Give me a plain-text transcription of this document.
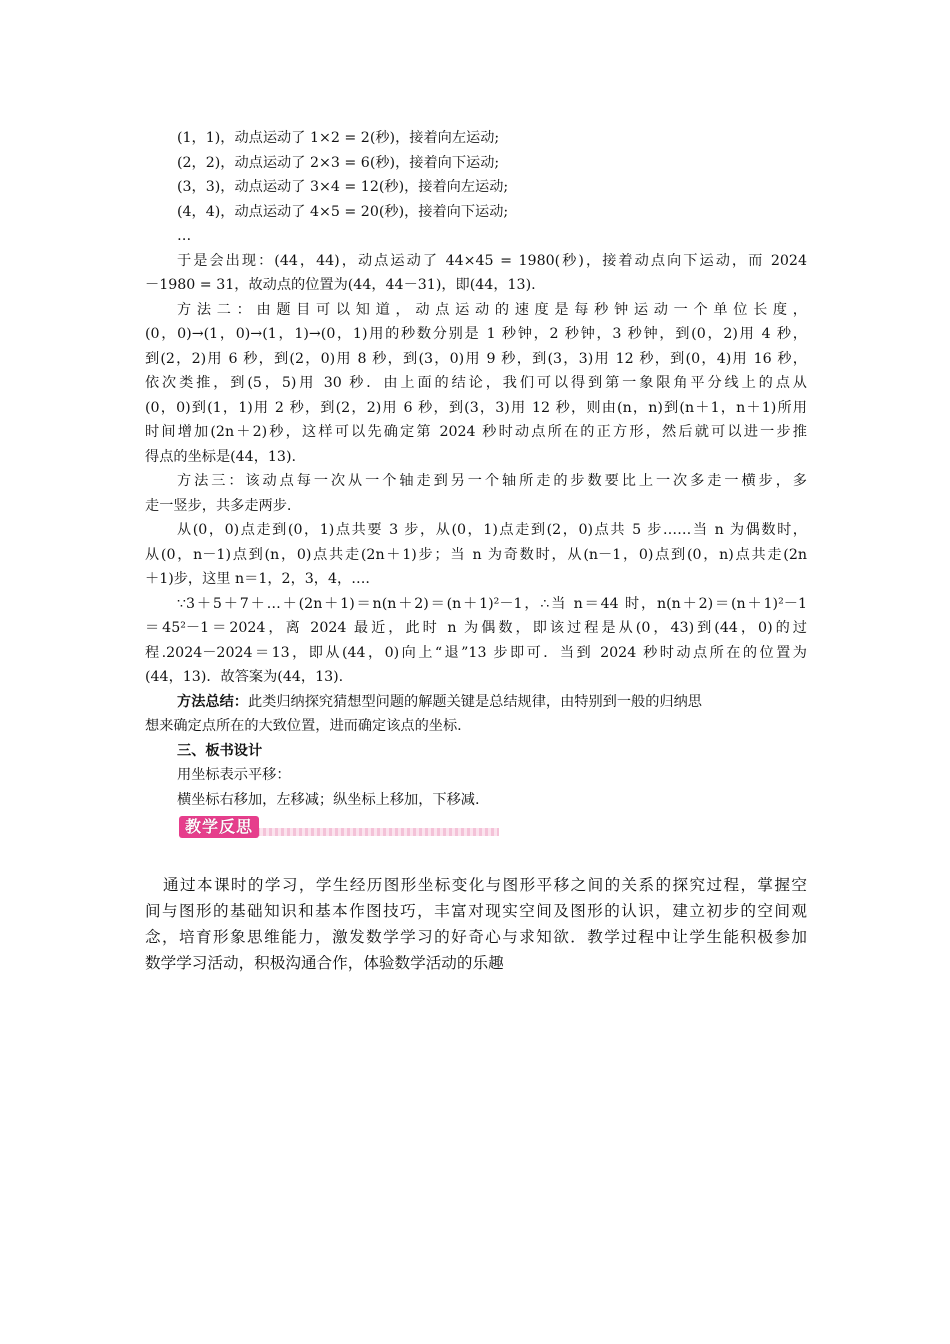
(1，1)，动点运动了 1×2 = 2(秒)，接着向左运动;
(2，2)，动点运动了 2×3 = 6(秒)，接着向下运动;
(3，3)，动点运动了 3×4 = 12(秒)，接着向左运动;
(4，4)，动点运动了 4×5 = 20(秒)，接着向下运动;
…
于是会出现：(44，44)，动点运动了 44×45 = 1980(秒)，接着动点向下运动，而 2024
－1980 = 31，故动点的位置为(44，44－31)，即(44，13).
方法二：由题目可以知道，动点运动的速度是每秒钟运动一个单位长度，
(0，0)→(1，0)→(1，1)→(0，1)用的秒数分别是 1 秒钟，2 秒钟，3 秒钟，到(0，2)用 4 秒，
到(2，2)用 6 秒，到(2，0)用 8 秒，到(3，0)用 9 秒，到(3，3)用 12 秒，到(0，4)用 16 秒，
依次类推，到(5，5)用 30 秒．由上面的结论，我们可以得到第一象限角平分线上的点从
(0，0)到(1，1)用 2 秒，到(2，2)用 6 秒，到(3，3)用 12 秒，则由(n，n)到(n＋1，n＋1)所用
时间增加(2n＋2)秒，这样可以先确定第 2024 秒时动点所在的正方形，然后就可以进一步推
得点的坐标是(44，13).
方法三：该动点每一次从一个轴走到另一个轴所走的步数要比上一次多走一横步，多
走一竖步，共多走两步.
从(0，0)点走到(0，1)点共要 3 步，从(0，1)点走到(2，0)点共 5 步……当 n 为偶数时，
从(0，n－1)点到(n，0)点共走(2n＋1)步；当 n 为奇数时，从(n－1，0)点到(0，n)点共走(2n
＋1)步，这里 n＝1，2，3，4，….
∵3＋5＋7＋…＋(2n＋1)＝n(n＋2)＝(n＋1)²－1，∴当 n＝44 时，n(n＋2)＝(n＋1)²－1
＝45²－1＝2024，离 2024 最近，此时 n 为偶数，即该过程是从(0，43)到(44，0)的过
程.2024－2024＝13，即从(44，0)向上“退”13 步即可．当到 2024 秒时动点所在的位置为
(44，13)．故答案为(44，13).
方法总结：此类归纳探究猜想型问题的解题关键是总结规律，由特别到一般的归纳思
想来确定点所在的大致位置，进而确定该点的坐标.
三、板书设计
用坐标表示平移：
横坐标右移加，左移减；纵坐标上移加，下移减.
教学反思
通过本课时的学习，学生经历图形坐标变化与图形平移之间的关系的探究过程，掌握空
间与图形的基础知识和基本作图技巧，丰富对现实空间及图形的认识，建立初步的空间观
念，培育形象思维能力，激发数学学习的好奇心与求知欲．教学过程中让学生能积极参加
数学学习活动，积极沟通合作，体验数学活动的乐趣
